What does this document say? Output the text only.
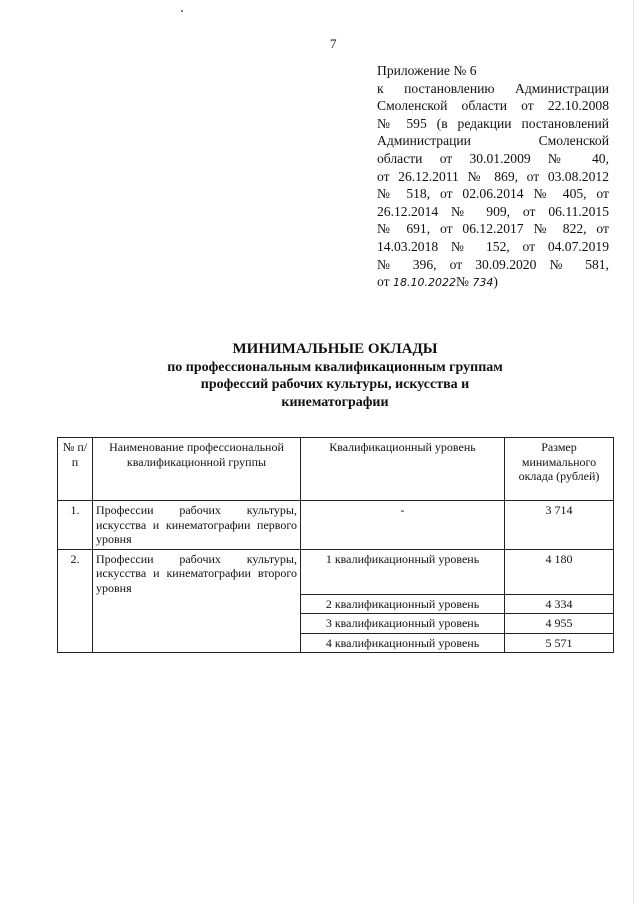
7
Приложение № 6
к постановлению Администрации
Смоленской области от 22.10.2008
№ 595 (в редакции постановлений
Администрации Смоленской
области от 30.01.2009 № 40,
от 26.12.2011 № 869, от 03.08.2012
№ 518, от 02.06.2014 № 405, от
26.12.2014 № 909, от 06.11.2015
№ 691, от 06.12.2017 № 822, от
14.03.2018 № 152, от 04.07.2019
№ 396, от 30.09.2020 № 581,
от 18.10.2022№ 734)
МИНИМАЛЬНЫЕ ОКЛАДЫ
по профессиональным квалификационным группам
профессий рабочих культуры, искусства и
кинематографии
№ п/п	Наименование профессиональной квалификационной группы	Квалификационный уровень	Размер минимального оклада (рублей)
1.	Профессии рабочих культуры, искусства и кинематографии первого уровня	-	3 714
2.	Профессии рабочих культуры, искусства и кинематографии второго уровня	1 квалификационный уровень	4 180
		2 квалификационный уровень	4 334
		3 квалификационный уровень	4 955
		4 квалификационный уровень	5 571
